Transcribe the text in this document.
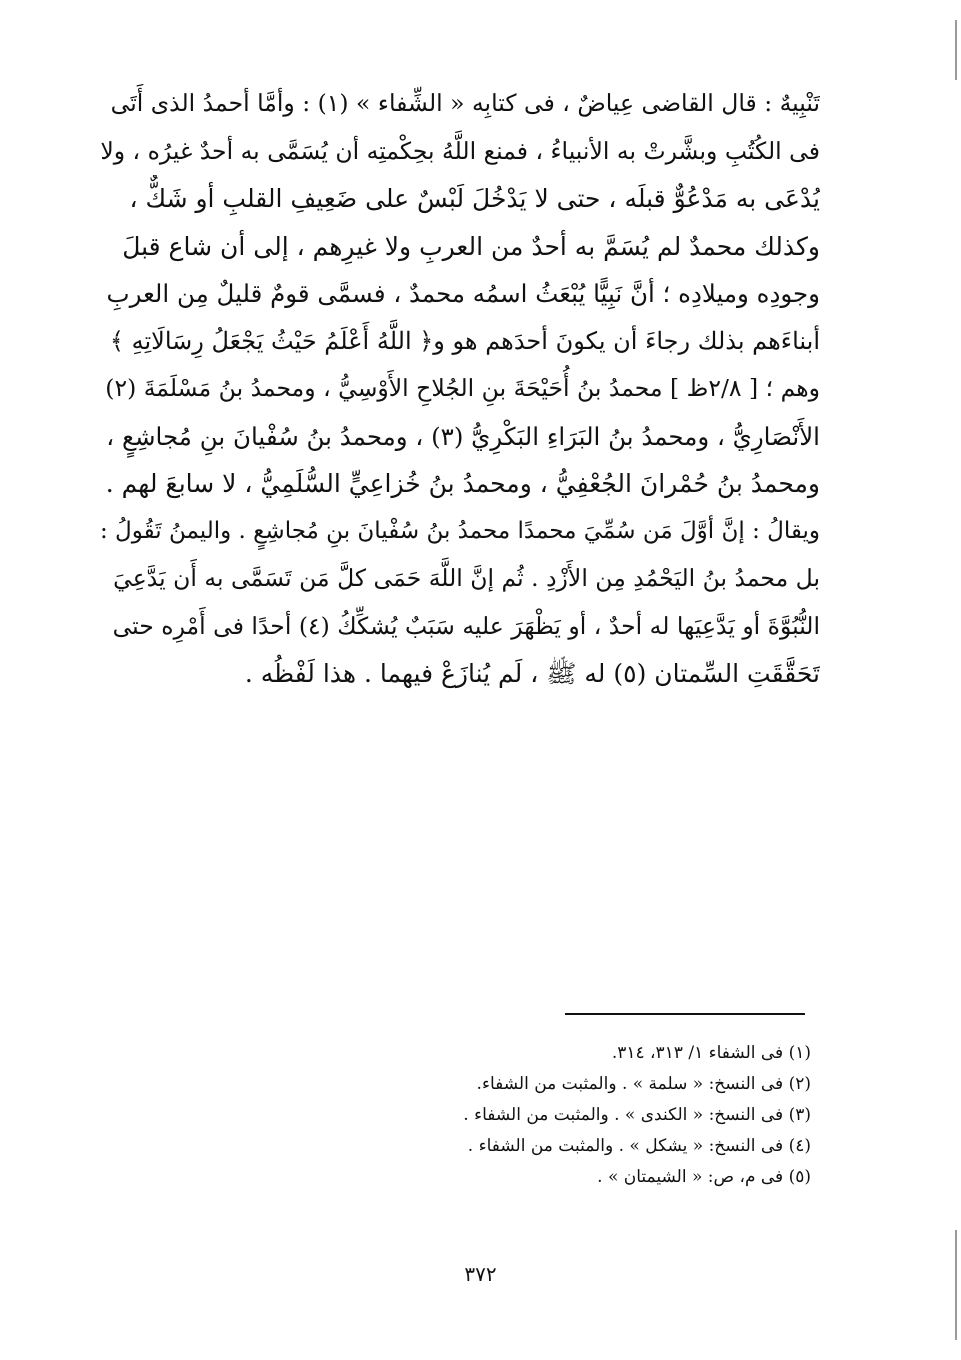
تَنْبِيهٌ : قال القاضى عِياضٌ ، فى كتابِه « الشِّفاء » (١) : وأمَّا أحمدُ الذى أَتَى
فى الكُتُبِ وبشَّرتْ به الأنبياءُ ، فمنع اللَّهُ بحِكْمتِه أن يُسَمَّى به أحدٌ غيرُه ، ولا
يُدْعَى به مَدْعُوٌّ قبلَه ، حتى لا يَدْخُلَ لَبْسٌ على ضَعِيفِ القلبِ أو شَكٌّ ،
وكذلك محمدٌ لم يُسَمَّ به أحدٌ من العربِ ولا غيرِهم ، إلى أن شاع قبلَ
وجودِه وميلادِه ؛ أنَّ نَبِيًّا يُبْعَثُ اسمُه محمدٌ ، فسمَّى قومٌ قليلٌ مِن العربِ
أبناءَهم بذلك رجاءَ أن يكونَ أحدَهم هو و﴿ اللَّهُ أَعْلَمُ حَيْثُ يَجْعَلُ رِسَالَاتِهِ ﴾
وهم ؛ [ ٢/٨ظ ] محمدُ بنُ أُحَيْحَةَ بنِ الجُلاحِ الأَوْسِيُّ ، ومحمدُ بنُ مَسْلَمَةَ (٢)
الأَنْصَارِيُّ ، ومحمدُ بنُ البَرَاءِ البَكْرِيُّ (٣) ، ومحمدُ بنُ سُفْيانَ بنِ مُجاشِعٍ ،
ومحمدُ بنُ حُمْرانَ الجُعْفِيُّ ، ومحمدُ بنُ خُزاعِيٍّ السُّلَمِيُّ ، لا سابعَ لهم .
ويقالُ : إنَّ أوَّلَ مَن سُمِّيَ محمدًا محمدُ بنُ سُفْيانَ بنِ مُجاشِعٍ . واليمنُ تَقُولُ :
بل محمدُ بنُ اليَحْمُدِ مِن الأَزْدِ . ثُم إنَّ اللَّهَ حَمَى كلَّ مَن تَسَمَّى به أَن يَدَّعِيَ
النُّبُوَّةَ أو يَدَّعِيَها له أحدٌ ، أو يَظْهَرَ عليه سَبَبٌ يُشكِّكُ (٤) أحدًا فى أَمْرِه حتى
تَحَقَّقَتِ السِّمتان (٥) له ﷺ ، لَم يُنازَعْ فيهما . هذا لَفْظُه .
(١) فى الشفاء ١/ ٣١٣، ٣١٤.
(٢) فى النسخ: « سلمة » . والمثبت من الشفاء.
(٣) فى النسخ: « الكندى » . والمثبت من الشفاء .
(٤) فى النسخ: « يشكل » . والمثبت من الشفاء .
(٥) فى م، ص: « الشيمتان » .
٣٧٢
